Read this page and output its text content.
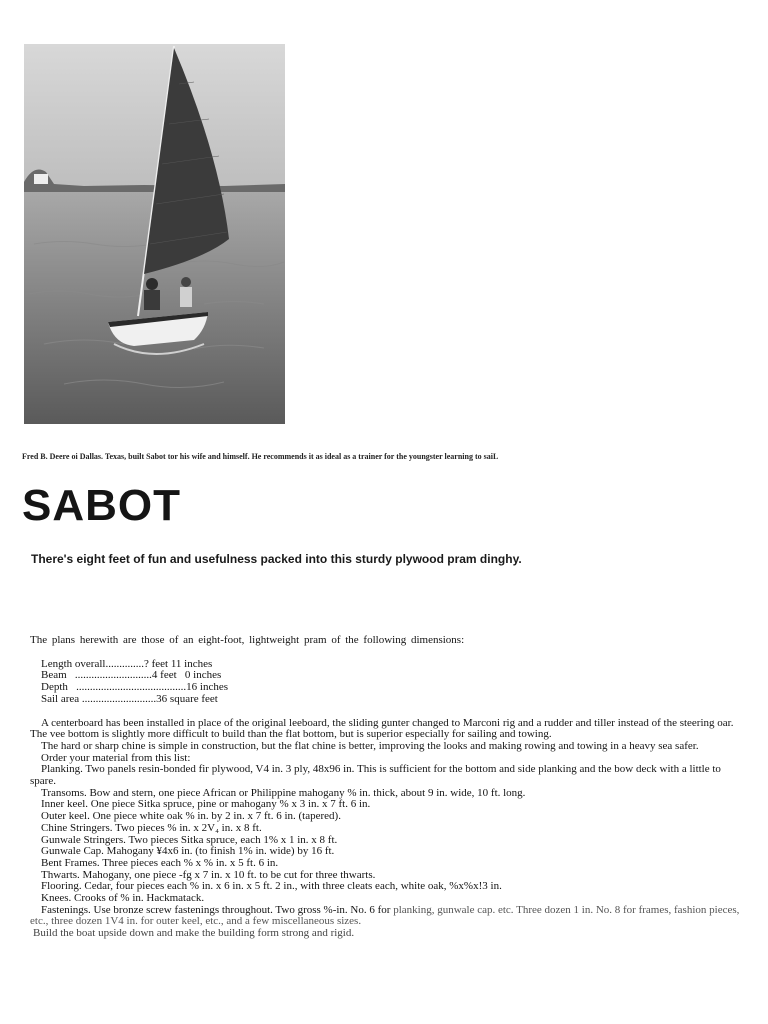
Fred B. Deere oi Dallas. Texas, built Sabot tor his wife and himself. He recommends it as ideal as a trainer for the youngster learning to saiL
SABOT
There's eight feet of fun and usefulness packed into this sturdy plywood pram dinghy.

The plans herewith are those of an eight-foot, lightweight pram of the following dimensions:

Length overall..............? feet 11 inches
Beam   ............................4 feet   0 inches
Depth   ........................................16 inches
Sail area ...........................36 square feet

A centerboard has been installed in place of the original leeboard, the sliding gunter changed to Marconi rig and a rudder and tiller instead of the steering oar. The vee bottom is slightly more difficult to build than the flat bottom, but is superior especially for sailing and towing.

The hard or sharp chine is simple in construction, but the flat chine is better, improving the looks and making rowing and towing in a heavy sea safer.

Order your material from this list:

Planking. Two panels resin-bonded fir plywood, V4 in. 3 ply, 48x96 in. This is sufficient for the bottom and side planking and the bow deck with a little to spare.

Transoms. Bow and stern, one piece African or Philippine mahogany % in. thick, about 9 in. wide, 10 ft. long.

Inner keel. One piece Sitka spruce, pine or mahogany % x 3 in. x 7 ft. 6 in.

Outer keel. One piece white oak % in. by 2 in. x 7 ft. 6 in. (tapered).

Chine Stringers. Two pieces % in. x 2V₄ in. x 8 ft.

Gunwale Stringers. Two pieces Sitka spruce, each 1% x 1 in. x 8 ft.

Gunwale Cap. Mahogany ¥4x6 in. (to finish 1% in. wide) by 16 ft.

Bent Frames. Three pieces each % x % in. x 5 ft. 6 in.

Thwarts. Mahogany, one piece -fg x 7 in. x 10 ft. to be cut for three thwarts.

Flooring. Cedar, four pieces each % in. x 6 in. x 5 ft. 2 in., with three cleats each, white oak, %x%x!3 in.

Knees. Crooks of % in. Hackmatack.

Fastenings. Use bronze screw fastenings throughout. Two gross %-in. No. 6 for planking, gunwale cap. etc. Three dozen 1 in. No. 8 for frames, fashion pieces, etc., three dozen 1V4 in. for outer keel, etc., and a few miscellaneous sizes.

Build the boat upside down and make the building form strong and rigid.
